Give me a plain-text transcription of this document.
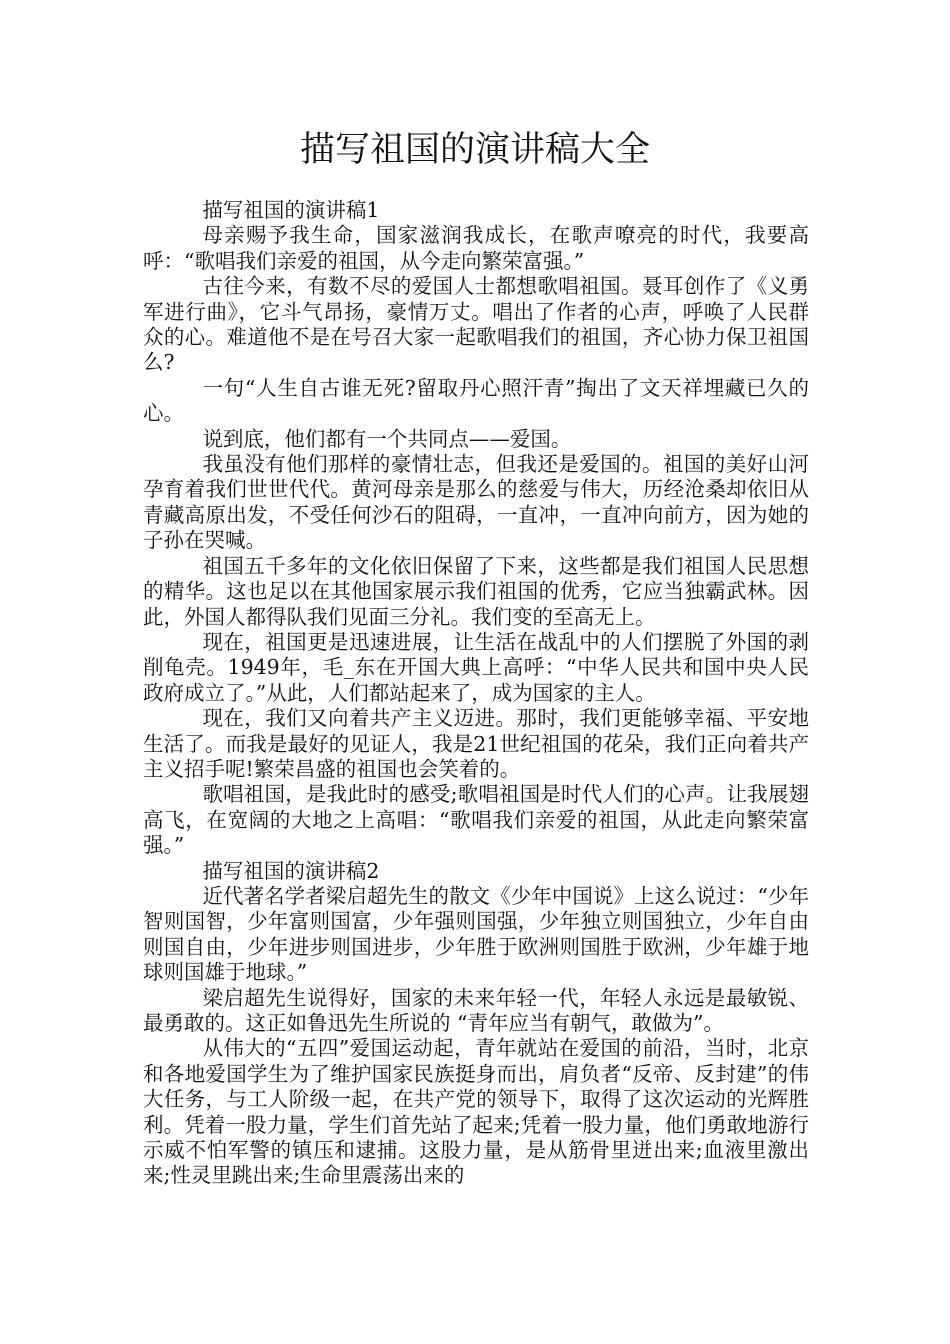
描写祖国的演讲稿大全

描写祖国的演讲稿1

母亲赐予我生命，国家滋润我成长，在歌声嘹亮的时代，我要高呼：“歌唱我们亲爱的祖国，从今走向繁荣富强。”

古往今来，有数不尽的爱国人士都想歌唱祖国。聂耳创作了《义勇军进行曲》，它斗气昂扬，豪情万丈。唱出了作者的心声，呼唤了人民群众的心。难道他不是在号召大家一起歌唱我们的祖国，齐心协力保卫祖国么?

一句“人生自古谁无死?留取丹心照汗青”掏出了文天祥埋藏已久的心。

说到底，他们都有一个共同点——爱国。

我虽没有他们那样的豪情壮志，但我还是爱国的。祖国的美好山河孕育着我们世世代代。黄河母亲是那么的慈爱与伟大，历经沧桑却依旧从青藏高原出发，不受任何沙石的阻碍，一直冲，一直冲向前方，因为她的子孙在哭喊。

祖国五千多年的文化依旧保留了下来，这些都是我们祖国人民思想的精华。这也足以在其他国家展示我们祖国的优秀，它应当独霸武林。因此，外国人都得队我们见面三分礼。我们变的至高无上。

现在，祖国更是迅速进展，让生活在战乱中的人们摆脱了外国的剥削龟壳。1949年，毛_东在开国大典上高呼：“中华人民共和国中央人民政府成立了。”从此，人们都站起来了，成为国家的主人。

现在，我们又向着共产主义迈进。那时，我们更能够幸福、平安地生活了。而我是最好的见证人，我是21世纪祖国的花朵，我们正向着共产主义招手呢!繁荣昌盛的祖国也会笑着的。

歌唱祖国，是我此时的感受;歌唱祖国是时代人们的心声。让我展翅高飞，在宽阔的大地之上高唱：“歌唱我们亲爱的祖国，从此走向繁荣富强。”

描写祖国的演讲稿2

近代著名学者梁启超先生的散文《少年中国说》上这么说过：“少年智则国智，少年富则国富，少年强则国强，少年独立则国独立，少年自由则国自由，少年进步则国进步，少年胜于欧洲则国胜于欧洲，少年雄于地球则国雄于地球。”

梁启超先生说得好，国家的未来年轻一代，年轻人永远是最敏锐、最勇敢的。这正如鲁迅先生所说的 “青年应当有朝气，敢做为”。

从伟大的“五四”爱国运动起，青年就站在爱国的前沿，当时，北京和各地爱国学生为了维护国家民族挺身而出，肩负者“反帝、反封建”的伟大任务，与工人阶级一起，在共产党的领导下，取得了这次运动的光辉胜利。凭着一股力量，学生们首先站了起来;凭着一股力量，他们勇敢地游行示威不怕军警的镇压和逮捕。这股力量，是从筋骨里迸出来;血液里激出来;性灵里跳出来;生命里震荡出来的
